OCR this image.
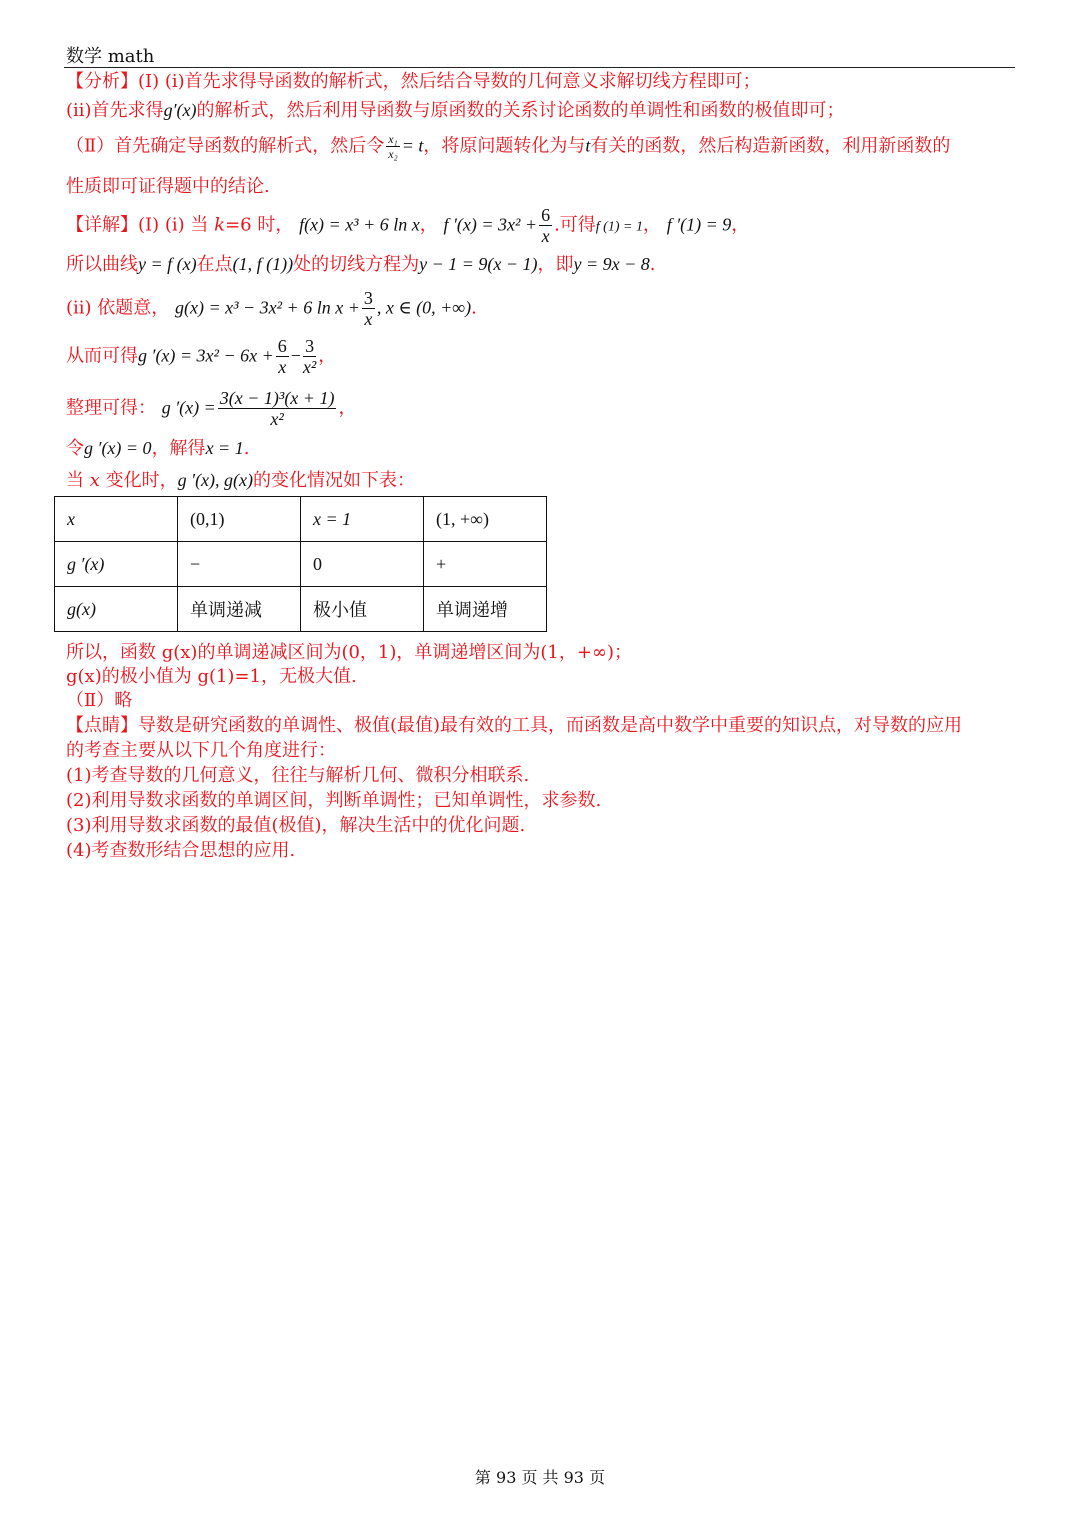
数学 math
【分析】(Ⅰ) (i)首先求得导函数的解析式，然后结合导数的几何意义求解切线方程即可；
(ii)首先求得g′(x)的解析式，然后利用导函数与原函数的关系讨论函数的单调性和函数的极值即可；
（Ⅱ）首先确定导函数的解析式，然后令 $\frac{\text{x₁}}{\text{x₂}} = t$，将原问题转化为与t有关的函数，然后构造新函数，利用新函数的
性质即可证得题中的结论.
【详解】(Ⅰ) (i) 当 k=6 时， f(x) = x³ + 6 ln x， f $'(x) = 3x^2 + \frac{6}{x}$ .可得f (1) = 1， f ′(1) = 9，
所以曲线y = f (x)在点(1, f (1))处的切线方程为y − 1 = 9(x − 1)，即y = 9x − 8.
(ii) 依题意， g(x) = x³ − 3x² + 6 $\ln x + \frac{3}{x}$ , x ∈ (0, +∞).
从而可得g $'(x) = 3x^2 - 6x + \frac{6}{x} - \frac{3}{\text{x²}}$ ，
整理可得： g $'(x) = \frac{\text{3(x − 1)³(x + 1)}}{\text{x²}}$ ，
令g ′(x) = 0，解得x = 1.
当 x 变化时，g ′(x), g(x)的变化情况如下表：
x	(0,1)	x = 1	(1, +∞)
g ′(x)	−	0	+
g(x)	单调递减	极小值	单调递增
所以，函数 g(x)的单调递减区间为(0，1)，单调递增区间为(1，+∞)；
g(x)的极小值为 g(1)=1，无极大值.
（Ⅱ）略
【点睛】导数是研究函数的单调性、极值(最值)最有效的工具，而函数是高中数学中重要的知识点，对导数的应用
的考查主要从以下几个角度进行：
(1)考查导数的几何意义，往往与解析几何、微积分相联系.
(2)利用导数求函数的单调区间，判断单调性；已知单调性，求参数.
(3)利用导数求函数的最值(极值)，解决生活中的优化问题.
(4)考查数形结合思想的应用.
第 93 页 共 93 页
